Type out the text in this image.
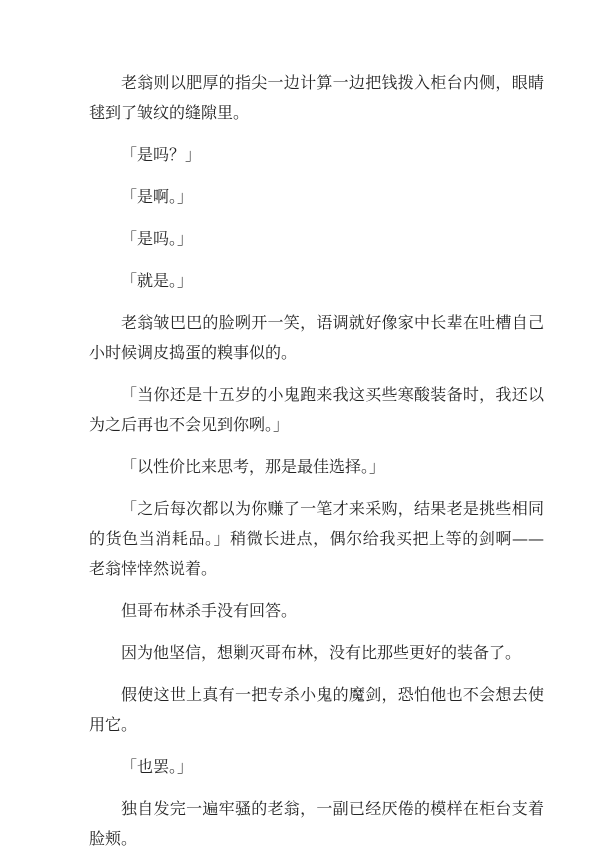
老翁则以肥厚的指尖一边计算一边把钱拨入柜台内侧，眼睛毬到了皱纹的缝隙里。

「是吗？」

「是啊。」

「是吗。」

「就是。」

老翁皱巴巴的脸咧开一笑，语调就好像家中长辈在吐槽自己小时候调皮捣蛋的糗事似的。

「当你还是十五岁的小鬼跑来我这买些寒酸装备时，我还以为之后再也不会见到你咧。」

「以性价比来思考，那是最佳选择。」

「之后每次都以为你赚了一笔才来采购，结果老是挑些相同的货色当消耗品。」稍微长进点，偶尔给我买把上等的剑啊——老翁悻悻然说着。

但哥布林杀手没有回答。

因为他坚信，想剿灭哥布林，没有比那些更好的装备了。

假使这世上真有一把专杀小鬼的魔剑，恐怕他也不会想去使用它。

「也罢。」

独自发完一遍牢骚的老翁，一副已经厌倦的模样在柜台支着脸颊。
